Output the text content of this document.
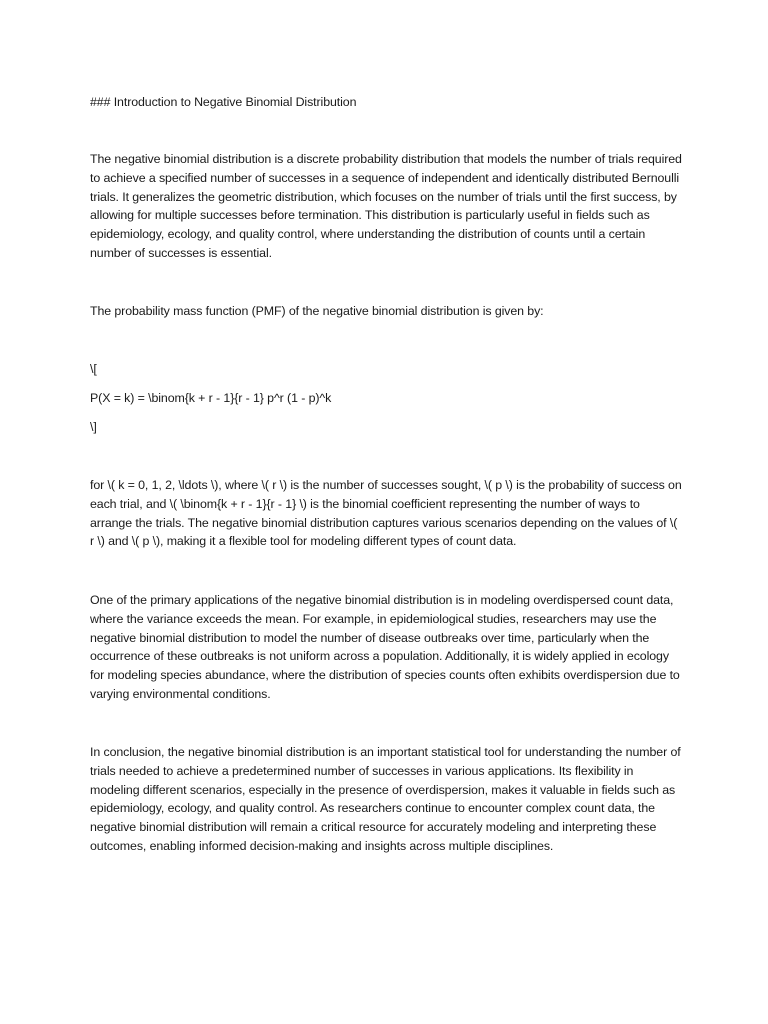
### Introduction to Negative Binomial Distribution

The negative binomial distribution is a discrete probability distribution that models the number of trials required to achieve a specified number of successes in a sequence of independent and identically distributed Bernoulli trials. It generalizes the geometric distribution, which focuses on the number of trials until the first success, by allowing for multiple successes before termination. This distribution is particularly useful in fields such as epidemiology, ecology, and quality control, where understanding the distribution of counts until a certain number of successes is essential.

The probability mass function (PMF) of the negative binomial distribution is given by:

\[
P(X = k) = \binom{k + r - 1}{r - 1} p^r (1 - p)^k
\]

for \( k = 0, 1, 2, \ldots \), where \( r \) is the number of successes sought, \( p \) is the probability of success on each trial, and \( \binom{k + r - 1}{r - 1} \) is the binomial coefficient representing the number of ways to arrange the trials. The negative binomial distribution captures various scenarios depending on the values of \( r \) and \( p \), making it a flexible tool for modeling different types of count data.

One of the primary applications of the negative binomial distribution is in modeling overdispersed count data, where the variance exceeds the mean. For example, in epidemiological studies, researchers may use the negative binomial distribution to model the number of disease outbreaks over time, particularly when the occurrence of these outbreaks is not uniform across a population. Additionally, it is widely applied in ecology for modeling species abundance, where the distribution of species counts often exhibits overdispersion due to varying environmental conditions.

In conclusion, the negative binomial distribution is an important statistical tool for understanding the number of trials needed to achieve a predetermined number of successes in various applications. Its flexibility in modeling different scenarios, especially in the presence of overdispersion, makes it valuable in fields such as epidemiology, ecology, and quality control. As researchers continue to encounter complex count data, the negative binomial distribution will remain a critical resource for accurately modeling and interpreting these outcomes, enabling informed decision-making and insights across multiple disciplines.
